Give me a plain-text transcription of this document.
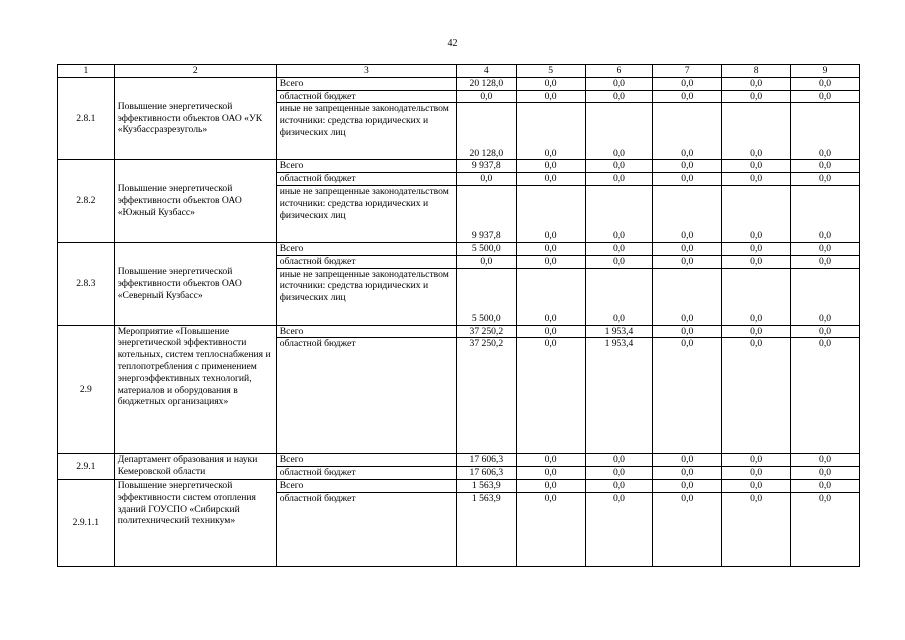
42
1	2	3	4	5	6	7	8	9
2.8.1	Повышение энергетической эффективности объектов ОАО «УК «Кузбассразрезуголь»	Всего	20 128,0	0,0	0,0	0,0	0,0	0,0
		областной бюджет	0,0	0,0	0,0	0,0	0,0	0,0
		иные не запрещенные законодательством источники: средства юридических и физических лиц	20 128,0	0,0	0,0	0,0	0,0	0,0
2.8.2	Повышение энергетической эффективности объектов ОАО «Южный Кузбасс»	Всего	9 937,8	0,0	0,0	0,0	0,0	0,0
		областной бюджет	0,0	0,0	0,0	0,0	0,0	0,0
		иные не запрещенные законодательством источники: средства юридических и физических лиц	9 937,8	0,0	0,0	0,0	0,0	0,0
2.8.3	Повышение энергетической эффективности объектов ОАО «Северный Кузбасс»	Всего	5 500,0	0,0	0,0	0,0	0,0	0,0
		областной бюджет	0,0	0,0	0,0	0,0	0,0	0,0
		иные не запрещенные законодательством источники: средства юридических и физических лиц	5 500,0	0,0	0,0	0,0	0,0	0,0
2.9	Мероприятие «Повышение энергетической эффективности котельных, систем теплоснабжения и теплопотребления с применением энергоэффективных технологий, материалов и оборудования в бюджетных организациях»	Всего	37 250,2	0,0	1 953,4	0,0	0,0	0,0
		областной бюджет	37 250,2	0,0	1 953,4	0,0	0,0	0,0
2.9.1	Департамент образования и науки Кемеровской области	Всего	17 606,3	0,0	0,0	0,0	0,0	0,0
		областной бюджет	17 606,3	0,0	0,0	0,0	0,0	0,0
2.9.1.1	Повышение энергетической эффективности систем отопления зданий ГОУСПО «Сибирский политехнический техникум»	Всего	1 563,9	0,0	0,0	0,0	0,0	0,0
		областной бюджет	1 563,9	0,0	0,0	0,0	0,0	0,0
